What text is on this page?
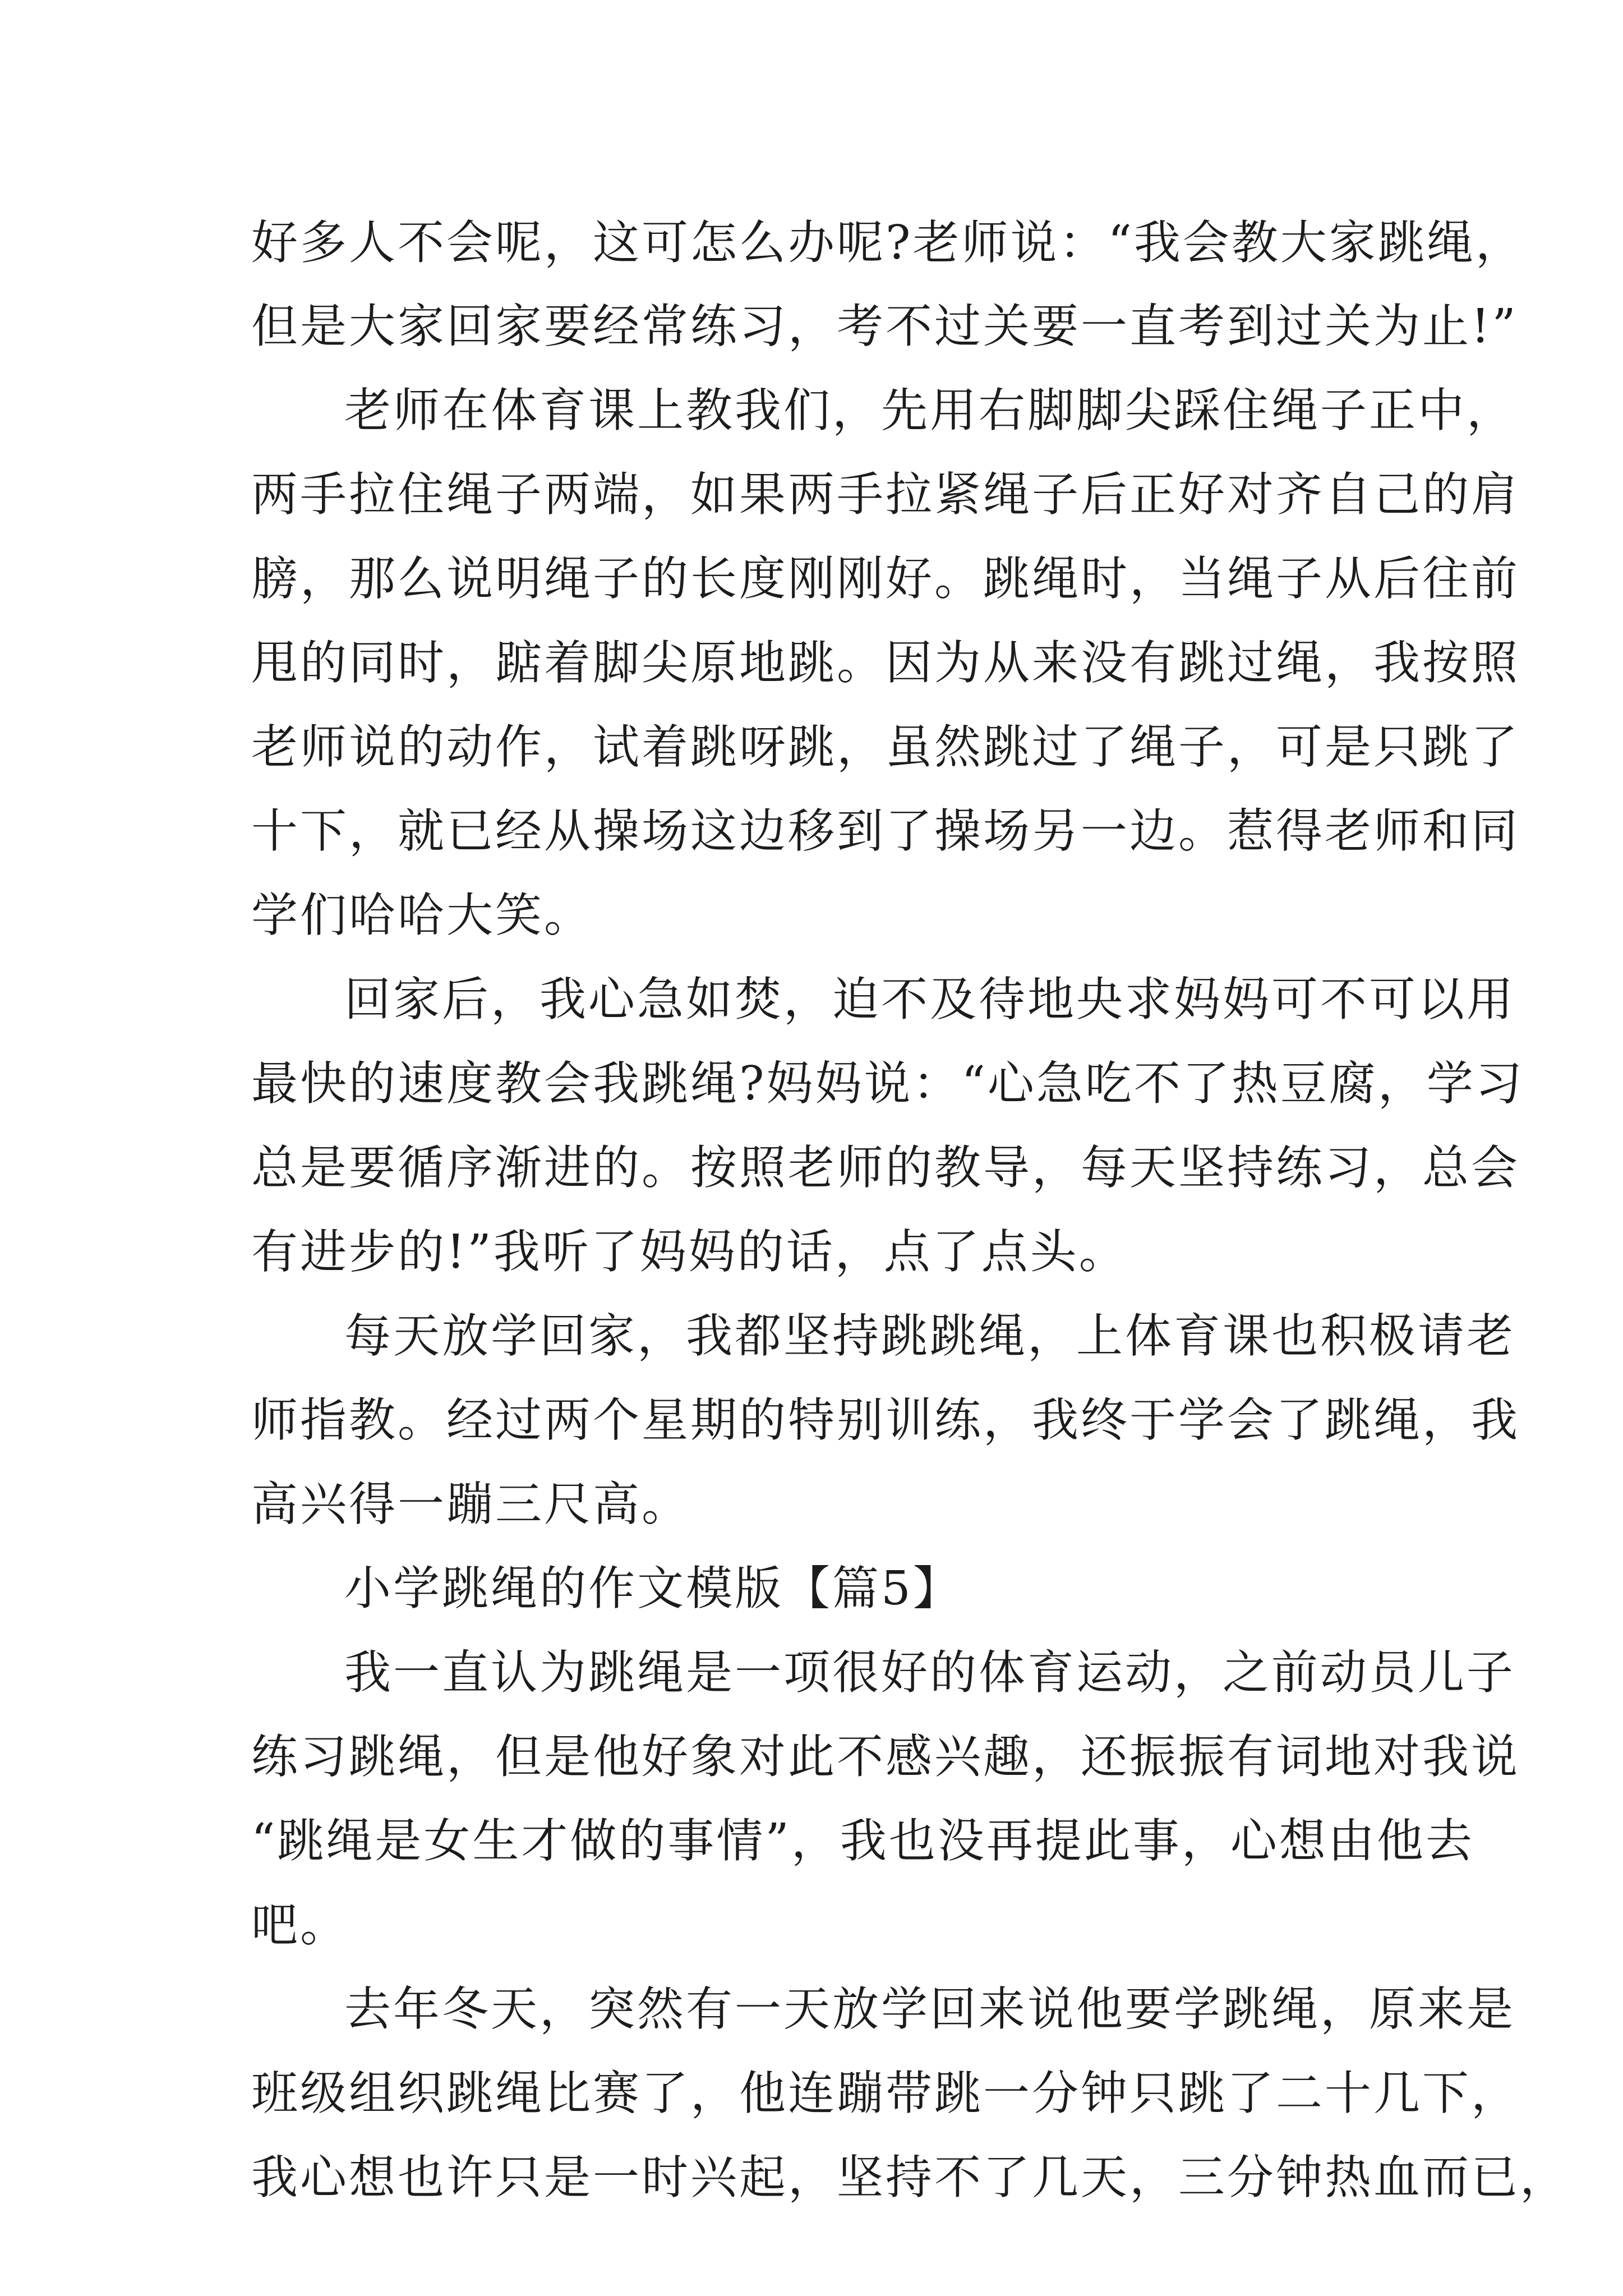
好多人不会呢，这可怎么办呢?老师说：“我会教大家跳绳，
但是大家回家要经常练习，考不过关要一直考到过关为止!”
老师在体育课上教我们，先用右脚脚尖踩住绳子正中，
两手拉住绳子两端，如果两手拉紧绳子后正好对齐自己的肩
膀，那么说明绳子的长度刚刚好。跳绳时，当绳子从后往前
甩的同时，踮着脚尖原地跳。因为从来没有跳过绳，我按照
老师说的动作，试着跳呀跳，虽然跳过了绳子，可是只跳了
十下，就已经从操场这边移到了操场另一边。惹得老师和同
学们哈哈大笑。
回家后，我心急如焚，迫不及待地央求妈妈可不可以用
最快的速度教会我跳绳?妈妈说：“心急吃不了热豆腐，学习
总是要循序渐进的。按照老师的教导，每天坚持练习，总会
有进步的!”我听了妈妈的话，点了点头。
每天放学回家，我都坚持跳跳绳，上体育课也积极请老
师指教。经过两个星期的特别训练，我终于学会了跳绳，我
高兴得一蹦三尺高。
小学跳绳的作文模版【篇5】
我一直认为跳绳是一项很好的体育运动，之前动员儿子
练习跳绳，但是他好象对此不感兴趣，还振振有词地对我说
“跳绳是女生才做的事情”，我也没再提此事，心想由他去
吧。
去年冬天，突然有一天放学回来说他要学跳绳，原来是
班级组织跳绳比赛了，他连蹦带跳一分钟只跳了二十几下，
我心想也许只是一时兴起，坚持不了几天，三分钟热血而已，
